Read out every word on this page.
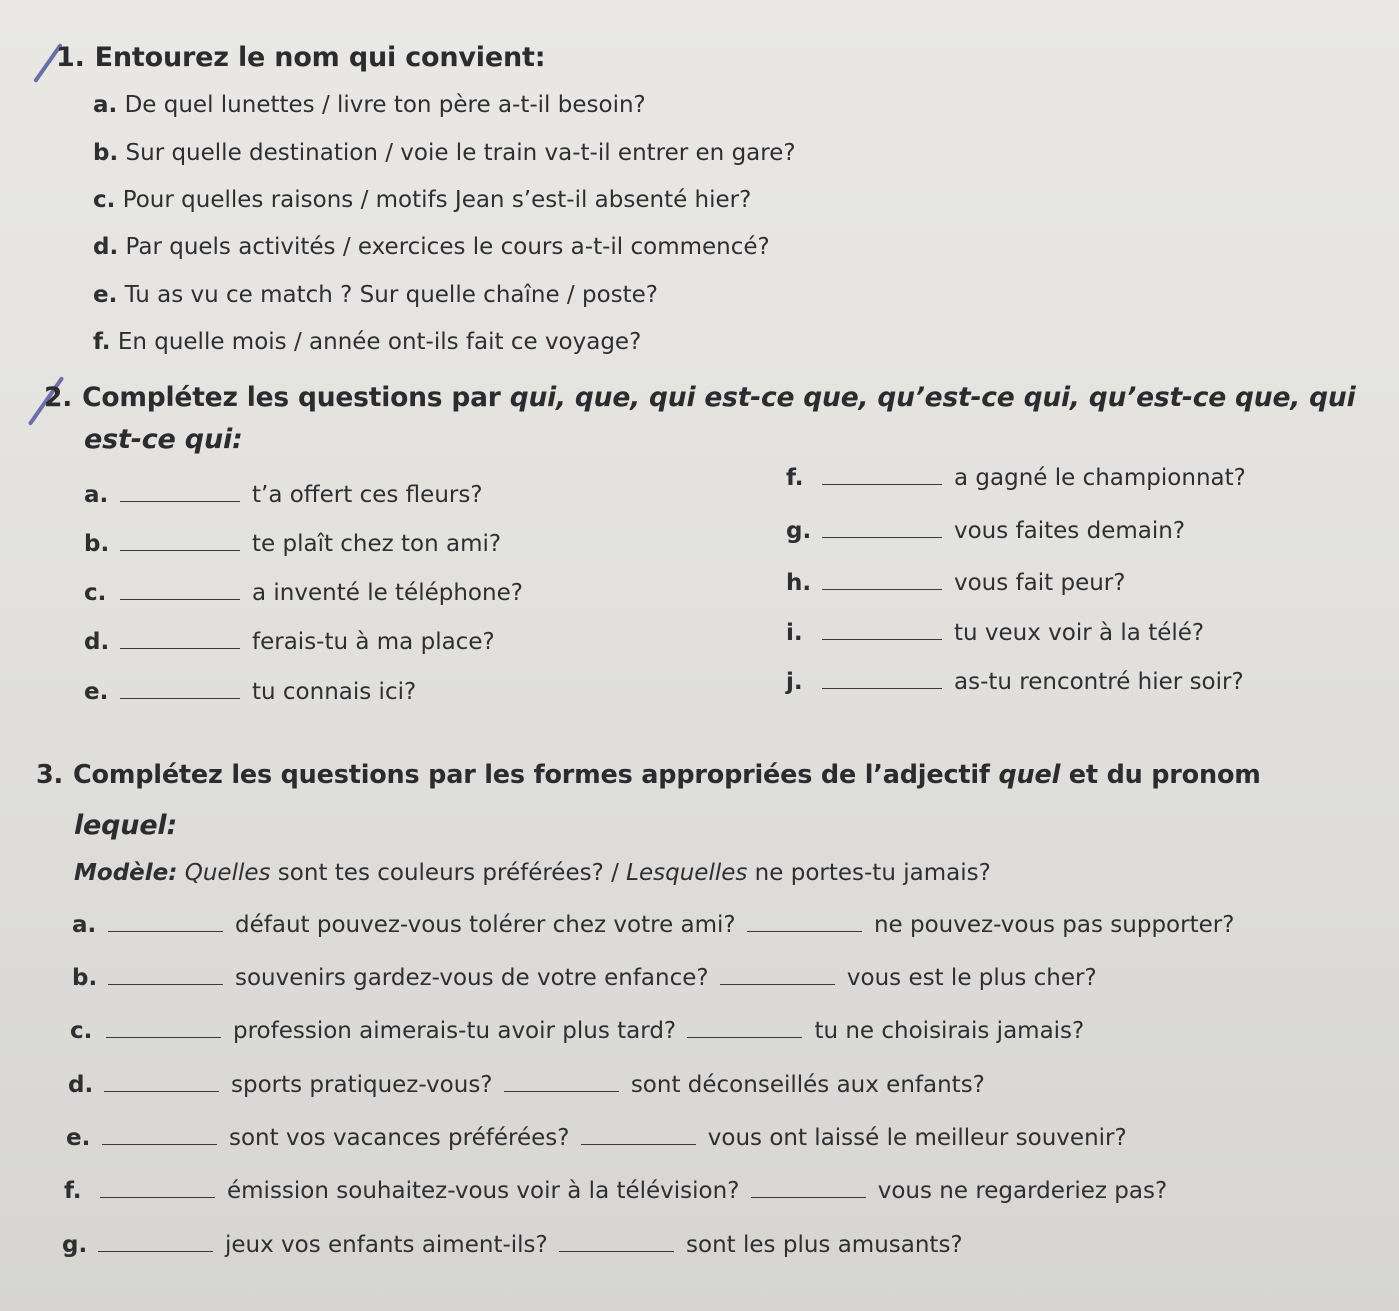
1. Entourez le nom qui convient:
a. De quel lunettes / livre ton père a-t-il besoin?
b. Sur quelle destination / voie le train va-t-il entrer en gare?
c. Pour quelles raisons / motifs Jean s’est-il absenté hier?
d. Par quels activités / exercices le cours a-t-il commencé?
e. Tu as vu ce match ? Sur quelle chaîne / poste?
f. En quelle mois / année ont-ils fait ce voyage?
2. Complétez les questions par qui, que, qui est-ce que, qu’est-ce qui, qu’est-ce que, qui
est-ce qui:
a.	t’a offert ces fleurs?
b.	te plaît chez ton ami?
c.	a inventé le téléphone?
d.	ferais-tu à ma place?
e.	tu connais ici?
f.	a gagné le championnat?
g.	vous faites demain?
h.	vous fait peur?
i.	tu veux voir à la télé?
j.	as-tu rencontré hier soir?
3. Complétez les questions par les formes appropriées de l’adjectif quel et du pronom
lequel:
Modèle: Quelles sont tes couleurs préférées? / Lesquelles ne portes-tu jamais?
a.	défaut pouvez-vous tolérer chez votre ami?	ne pouvez-vous pas supporter?
b.	souvenirs gardez-vous de votre enfance?	vous est le plus cher?
c.	profession aimerais-tu avoir plus tard?	tu ne choisirais jamais?
d.	sports pratiquez-vous?	sont déconseillés aux enfants?
e.	sont vos vacances préférées?	vous ont laissé le meilleur souvenir?
f.	émission souhaitez-vous voir à la télévision?	vous ne regarderiez pas?
g.	jeux vos enfants aiment-ils?	sont les plus amusants?
